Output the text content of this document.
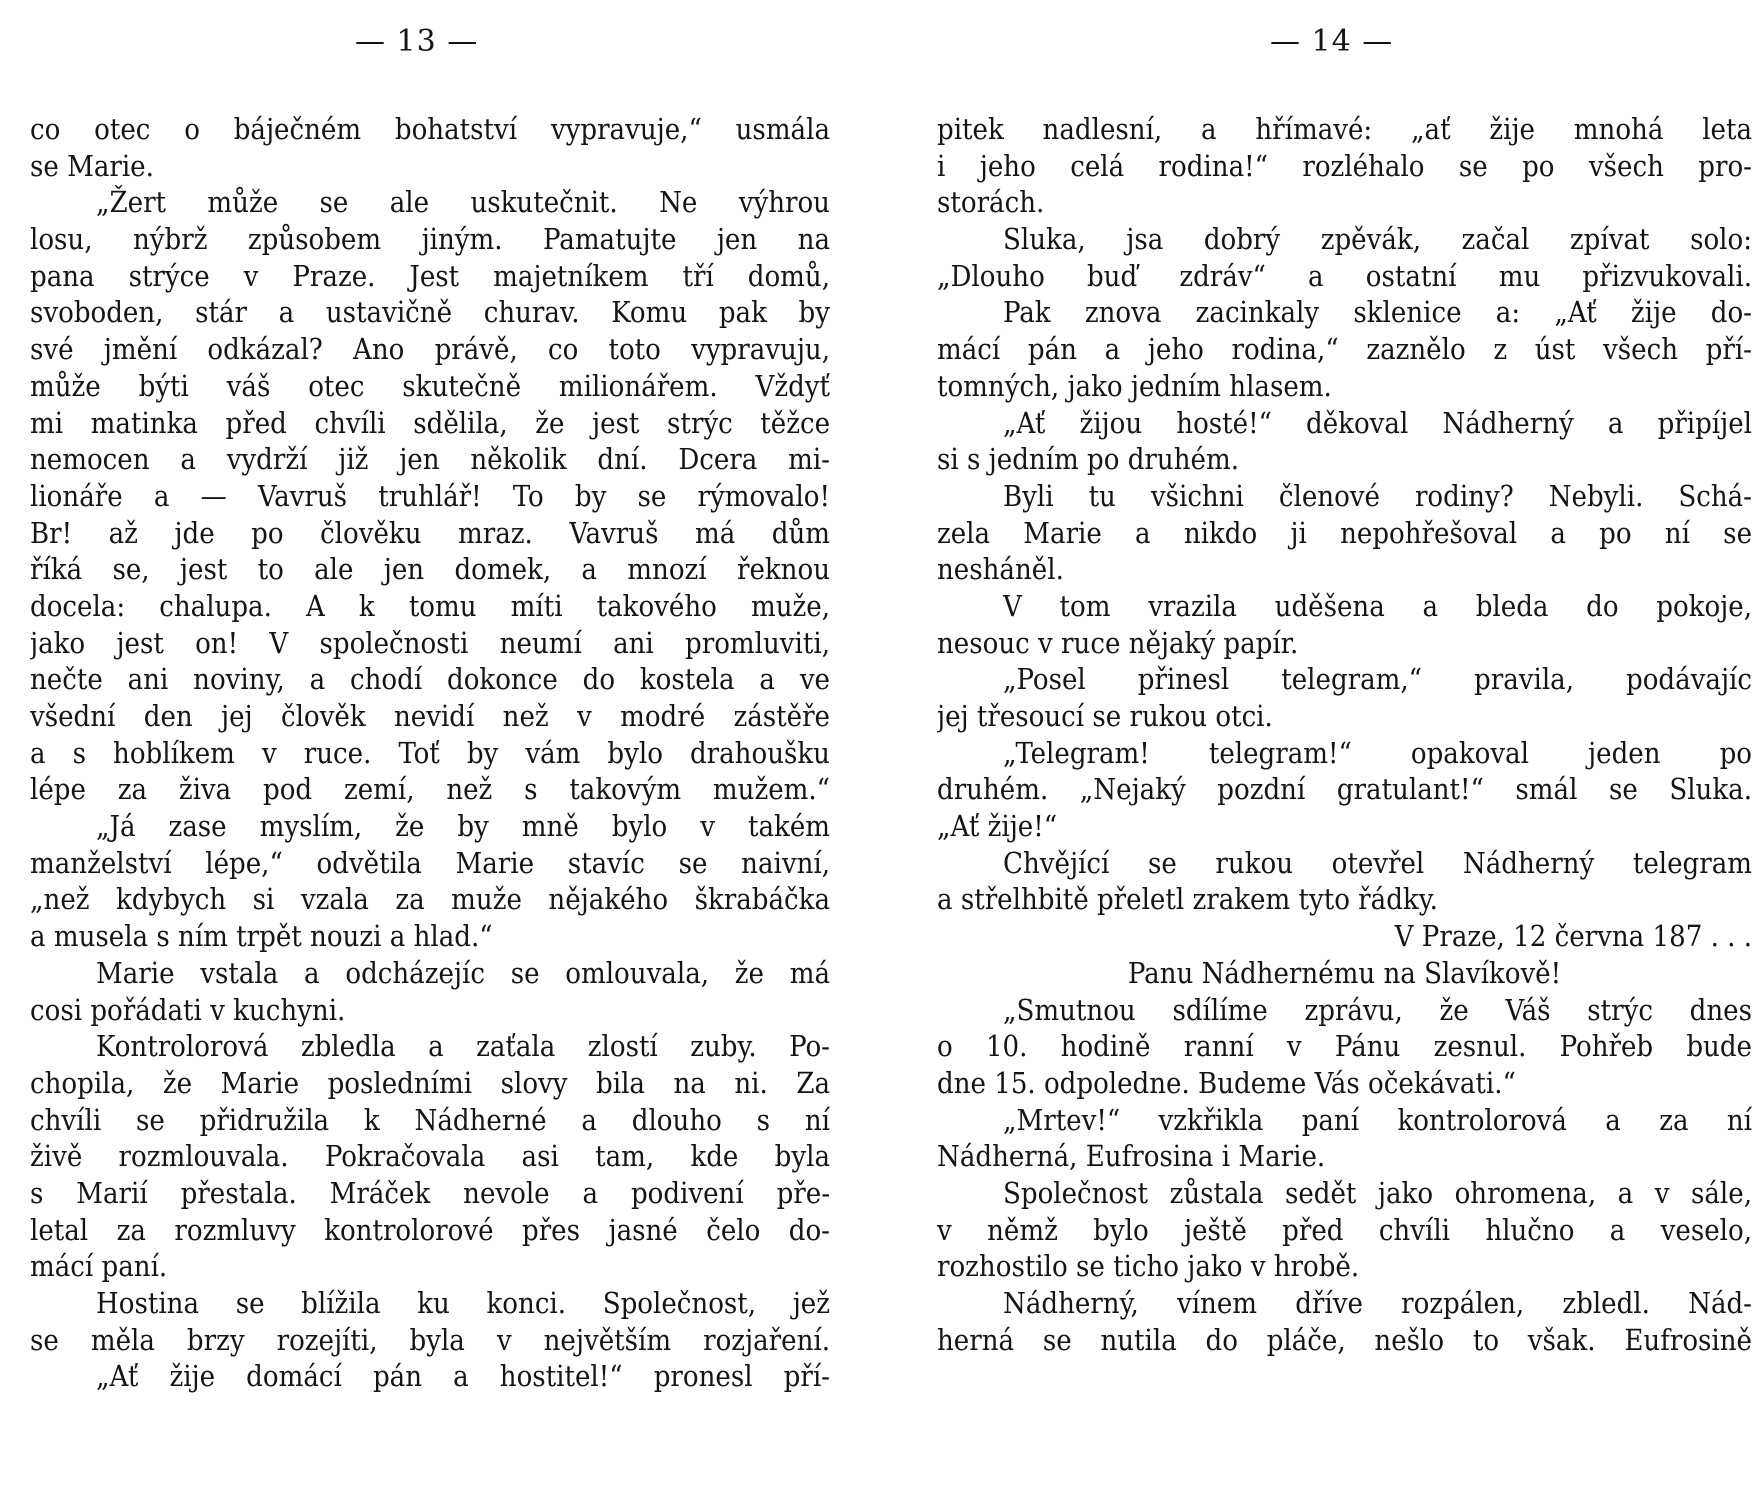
— 13 —
co otec o báječném bohatství vypravuje,“ usmála
se Marie.
„Žert může se ale uskutečnit. Ne výhrou
losu, nýbrž způsobem jiným. Pamatujte jen na
pana strýce v Praze. Jest majetníkem tří domů,
svoboden, stár a ustavičně churav. Komu pak by
své jmění odkázal? Ano právě, co toto vypravuju,
může býti váš otec skutečně milionářem. Vždyť
mi matinka před chvíli sdělila, že jest strýc těžce
nemocen a vydrží již jen několik dní. Dcera mi-
lionáře a — Vavruš truhlář! To by se rýmovalo!
Br! až jde po člověku mraz. Vavruš má dům
říká se, jest to ale jen domek, a mnozí řeknou
docela: chalupa. A k tomu míti takového muže,
jako jest on! V společnosti neumí ani promluviti,
nečte ani noviny, a chodí dokonce do kostela a ve
všední den jej člověk nevidí než v modré zástěře
a s hoblíkem v ruce. Toť by vám bylo drahoušku
lépe za živa pod zemí, než s takovým mužem.“
„Já zase myslím, že by mně bylo v takém
manželství lépe,“ odvětila Marie stavíc se naivní,
„než kdybych si vzala za muže nějakého škrabáčka
a musela s ním trpět nouzi a hlad.“
Marie vstala a odcházejíc se omlouvala, že má
cosi pořádati v kuchyni.
Kontrolorová zbledla a zaťala zlostí zuby. Po-
chopila, že Marie posledními slovy bila na ni. Za
chvíli se přidružila k Nádherné a dlouho s ní
živě rozmlouvala. Pokračovala asi tam, kde byla
s Marií přestala. Mráček nevole a podivení pře-
letal za rozmluvy kontrolorové přes jasné čelo do-
mácí paní.
Hostina se blížila ku konci. Společnost, jež
se měla brzy rozejíti, byla v největším rozjaření.
„Ať žije domácí pán a hostitel!“ pronesl pří-
— 14 —
pitek nadlesní, a hřímavé: „ať žije mnohá leta
i jeho celá rodina!“ rozléhalo se po všech pro-
storách.
Sluka, jsa dobrý zpěvák, začal zpívat solo:
„Dlouho buď zdráv“ a ostatní mu přizvukovali.
Pak znova zacinkaly sklenice a: „Ať žije do-
mácí pán a jeho rodina,“ zaznělo z úst všech pří-
tomných, jako jedním hlasem.
„Ať žijou hosté!“ děkoval Nádherný a připíjel
si s jedním po druhém.
Byli tu všichni členové rodiny? Nebyli. Schá-
zela Marie a nikdo ji nepohřešoval a po ní se
nesháněl.
V tom vrazila uděšena a bleda do pokoje,
nesouc v ruce nějaký papír.
„Posel přinesl telegram,“ pravila, podávajíc
jej třesoucí se rukou otci.
„Telegram! telegram!“ opakoval jeden po
druhém. „Nejaký pozdní gratulant!“ smál se Sluka.
„Ať žije!“
Chvějící se rukou otevřel Nádherný telegram
a střelhbitě přeletl zrakem tyto řádky.
V Praze, 12 června 187 . . .
Panu Nádhernému na Slavíkově!
„Smutnou sdílíme zprávu, že Váš strýc dnes
o 10. hodině ranní v Pánu zesnul. Pohřeb bude
dne 15. odpoledne. Budeme Vás očekávati.“
„Mrtev!“ vzkřikla paní kontrolorová a za ní
Nádherná, Eufrosina i Marie.
Společnost zůstala sedět jako ohromena, a v sále,
v němž bylo ještě před chvíli hlučno a veselo,
rozhostilo se ticho jako v hrobě.
Nádherný, vínem dříve rozpálen, zbledl. Nád-
herná se nutila do pláče, nešlo to však. Eufrosině
